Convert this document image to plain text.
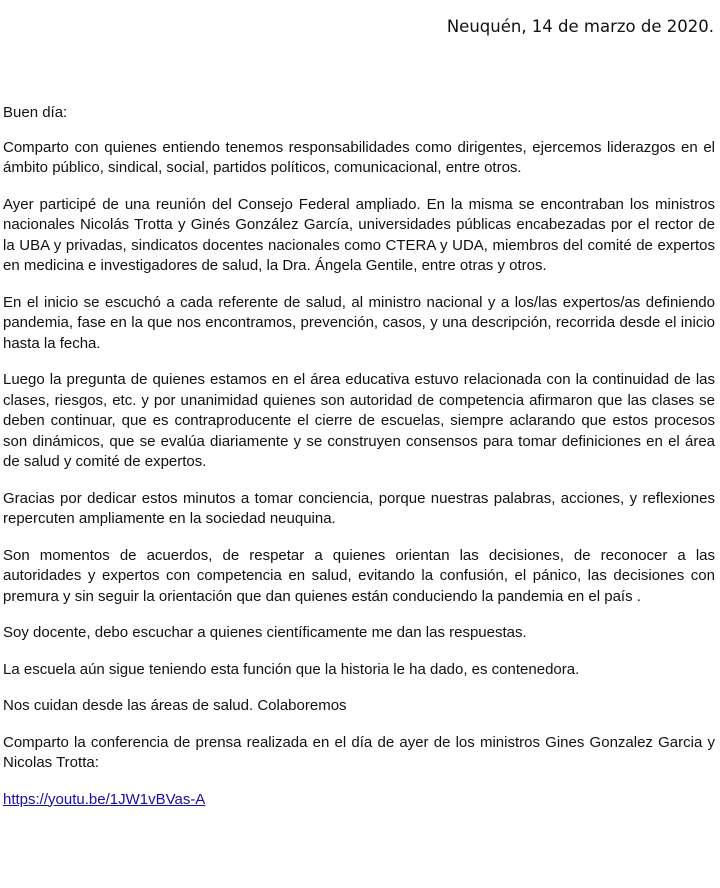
Neuquén, 14 de marzo de 2020.

Buen día:

Comparto con quienes entiendo tenemos responsabilidades como dirigentes, ejercemos liderazgos en el ámbito público, sindical, social, partidos políticos, comunicacional, entre otros.

Ayer participé de una reunión del Consejo Federal ampliado. En la misma se encontraban los ministros nacionales Nicolás Trotta y Ginés González García, universidades públicas encabezadas por el rector de la UBA y privadas, sindicatos docentes nacionales como CTERA y UDA, miembros del comité de expertos en medicina e investigadores de salud, la Dra. Ángela Gentile, entre otras y otros.

En el inicio se escuchó a cada referente de salud, al ministro nacional y a los/las expertos/as definiendo pandemia, fase en la que nos encontramos, prevención, casos, y una descripción, recorrida desde el inicio hasta la fecha.

Luego la pregunta de quienes estamos en el área educativa estuvo relacionada con la continuidad de las clases, riesgos, etc. y por unanimidad quienes son autoridad de competencia afirmaron que las clases se deben continuar, que es contraproducente el cierre de escuelas, siempre aclarando que estos procesos son dinámicos, que se evalúa diariamente y se construyen consensos para tomar definiciones en el área de salud y comité de expertos.

Gracias por dedicar estos minutos a tomar conciencia, porque nuestras palabras, acciones, y reflexiones repercuten ampliamente en la sociedad neuquina.

Son momentos de acuerdos, de respetar a quienes orientan las decisiones, de reconocer a las autoridades y expertos con competencia en salud, evitando la confusión, el pánico, las decisiones con premura y sin seguir la orientación que dan quienes están conduciendo la pandemia en el país .

Soy docente, debo escuchar a quienes científicamente me dan las respuestas.

La escuela aún sigue teniendo esta función que la historia le ha dado, es contenedora.

Nos cuidan desde las áreas de salud. Colaboremos

Comparto la conferencia de prensa realizada en el día de ayer de los ministros Gines Gonzalez Garcia y Nicolas Trotta:

https://youtu.be/1JW1vBVas-A
